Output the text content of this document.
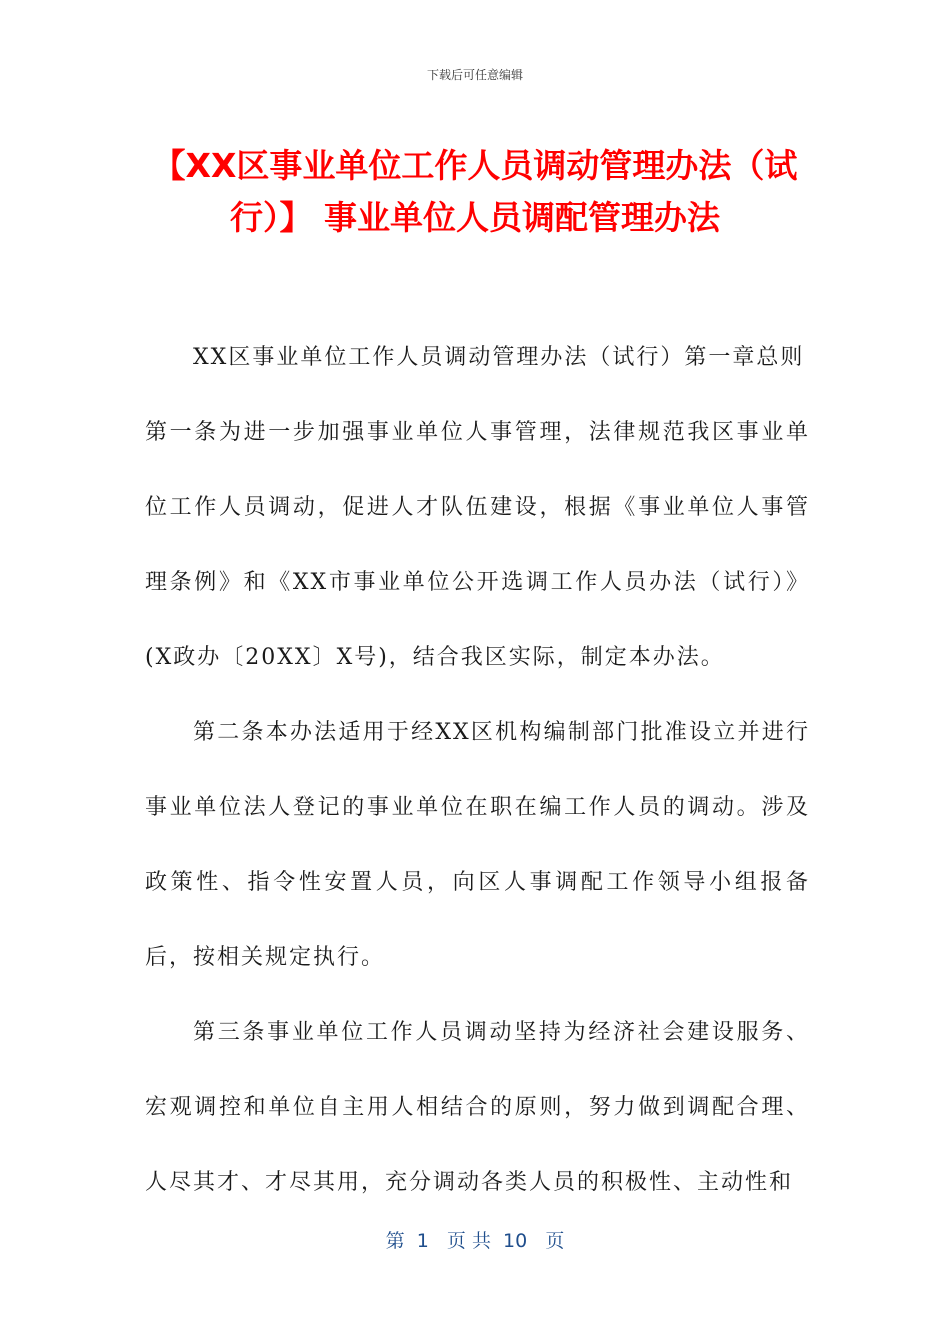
下载后可任意编辑
【XX区事业单位工作人员调动管理办法（试行）】 事业单位人员调配管理办法

XX区事业单位工作人员调动管理办法（试行）第一章总则

第一条为进一步加强事业单位人事管理，法律规范我区事业单位工作人员调动，促进人才队伍建设，根据《事业单位人事管理条例》和《XX市事业单位公开选调工作人员办法（试行）》(X政办〔20XX〕X号)，结合我区实际，制定本办法。

第二条本办法适用于经XX区机构编制部门批准设立并进行事业单位法人登记的事业单位在职在编工作人员的调动。涉及政策性、指令性安置人员，向区人事调配工作领导小组报备后，按相关规定执行。

第三条事业单位工作人员调动坚持为经济社会建设服务、宏观调控和单位自主用人相结合的原则，努力做到调配合理、人尽其才、才尽其用，充分调动各类人员的积极性、主动性和

第  1   页 共  10   页
